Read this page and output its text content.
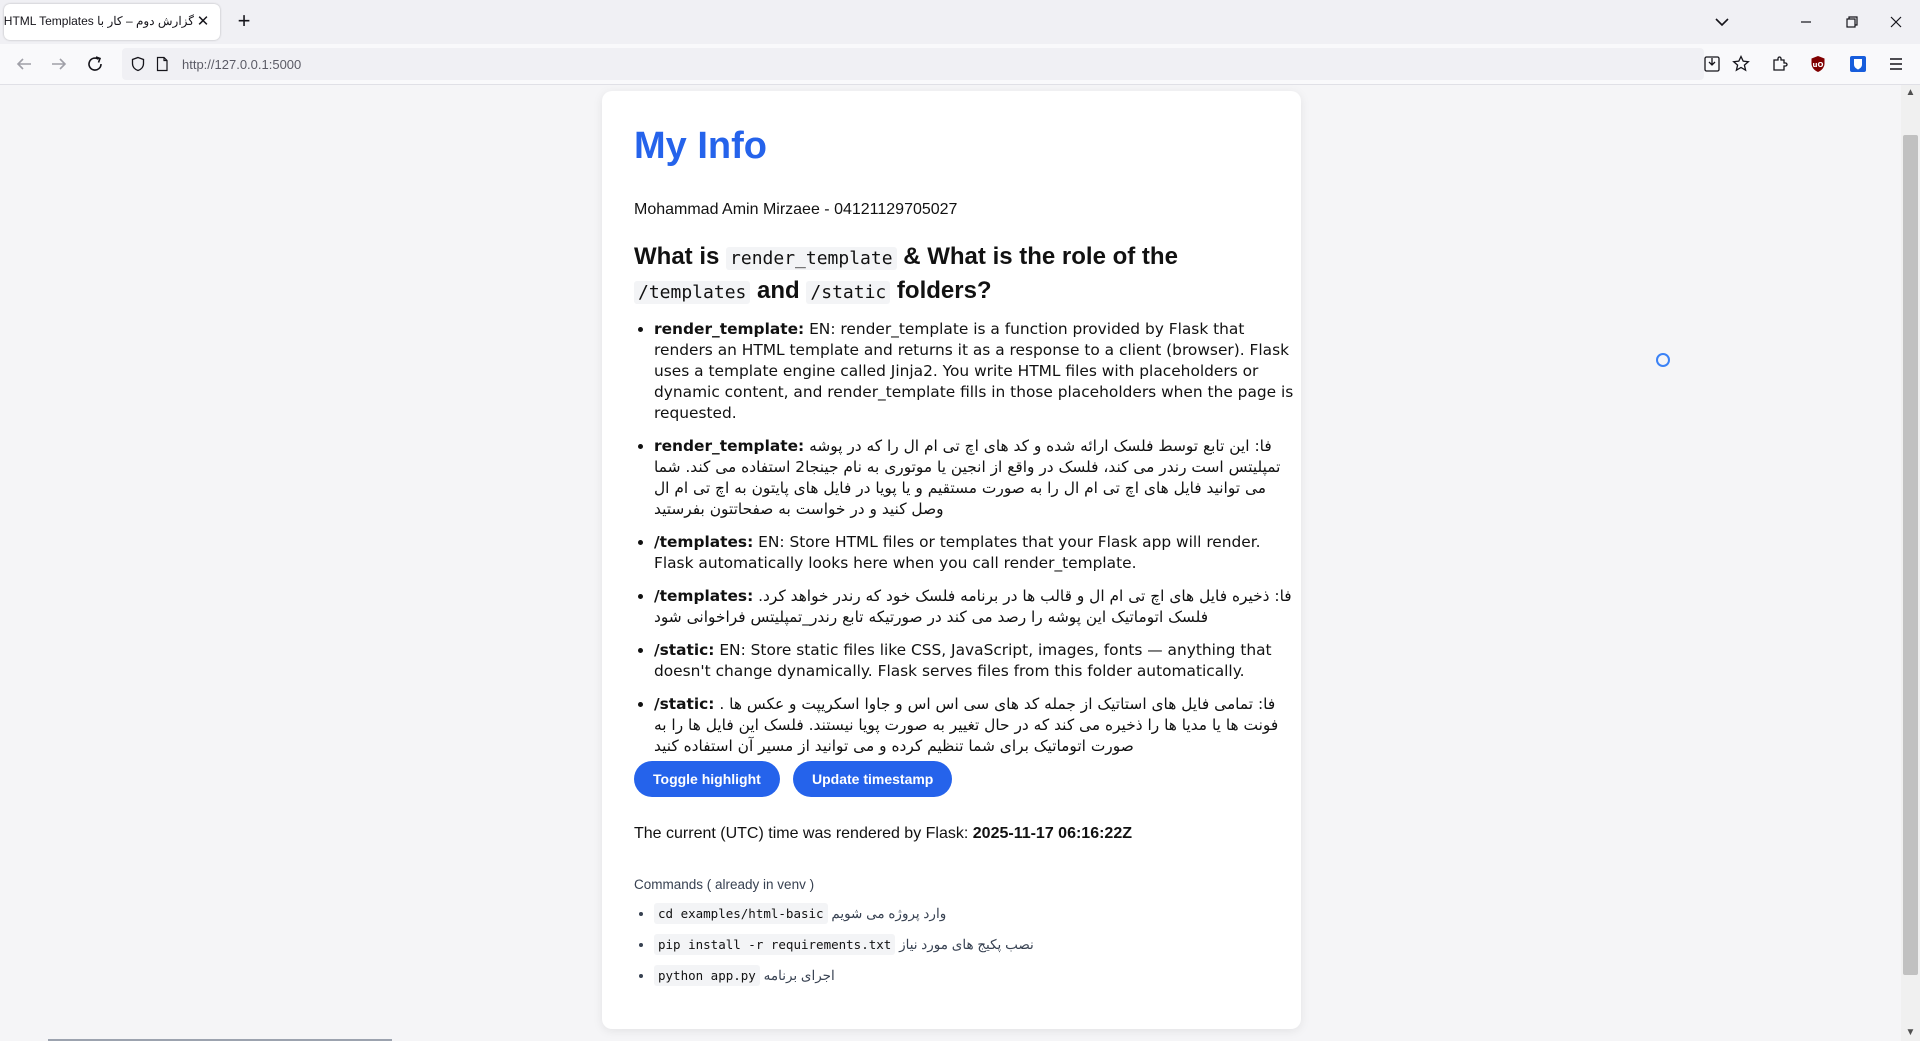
گزارش دوم – کار با HTML Templates ✕ +
http://127.0.0.1:5000	uO
My Info
Mohammad Amin Mirzaee - 04121129705027
What is render_template & What is the role of the /templates and /static folders?
• render_template: EN: render_template is a function provided by Flask that renders an HTML template and returns it as a response to a client (browser). Flask uses a template engine called Jinja2. You write HTML files with placeholders or dynamic content, and render_template fills in those placeholders when the page is requested.
• render_template: فا: این تابع توسط فلسک ارائه شده و کد های اچ تی ام ال را که در پوشه تمپلیتس است رندر می کند، فلسک در واقع از انجین یا موتوری به نام جینجا2 استفاده می کند. شما می توانید فایل های اچ تی ام ال را به صورت مستقیم و یا پویا در فایل های پایتون به اچ تی ام ال وصل کنید و در خواست به صفحاتتون بفرستید
• /templates: EN: Store HTML files or templates that your Flask app will render. Flask automatically looks here when you call render_template.
• /templates: فا: ذخیره فایل های اچ تی ام ال و قالب ها در برنامه فلسک خود که رندر خواهد کرد. فلسک اتوماتیک این پوشه را رصد می کند در صورتیکه تابع رندر_تمپلیتس فراخوانی شود
• /static: EN: Store static files like CSS, JavaScript, images, fonts — anything that doesn't change dynamically. Flask serves files from this folder automatically.
• /static: فا: تمامی فایل های استاتیک از جمله کد های سی اس اس و جاوا اسکریپت و عکس ها . فونت ها یا مدیا ها را ذخیره می کند که در حال تغییر به صورت پویا نیستند. فلسک این فایل ها را به صورت اتوماتیک برای شما تنظیم کرده و می توانید از مسیر آن استفاده کنید
Toggle highlight	Update timestamp
The current (UTC) time was rendered by Flask: 2025-11-17 06:16:22Z
Commands ( already in venv )
• cd examples/html-basic وارد پروژه می شویم
• pip install -r requirements.txt نصب پکیج های مورد نیاز
• python app.py اجرای برنامه
▲
▼
